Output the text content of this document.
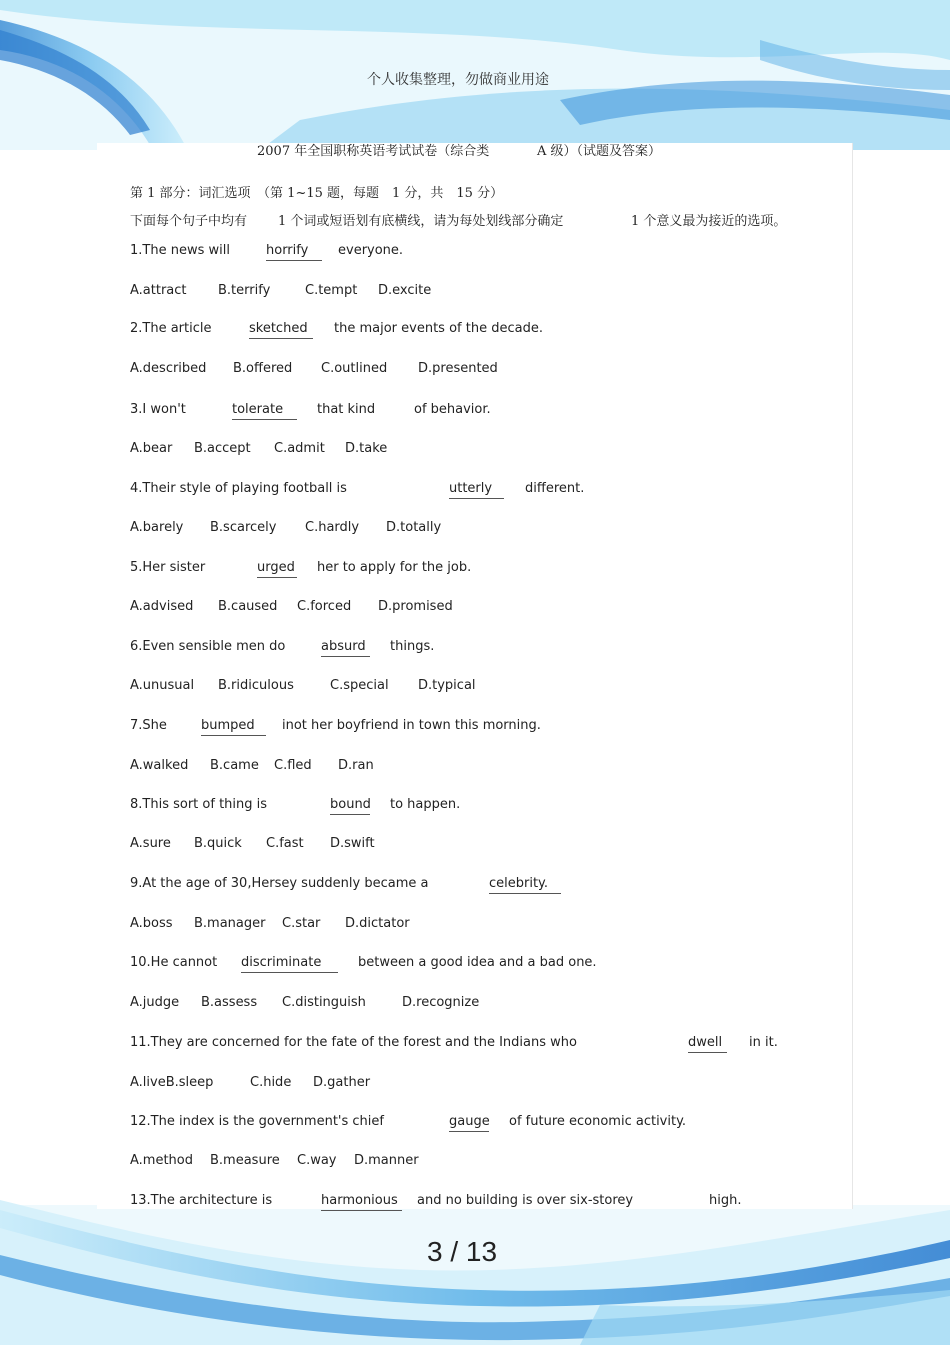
个人收集整理，勿做商业用途
2007 年全国职称英语考试试卷（综合类	A 级）（试题及答案）
第 1 部分：词汇选项　（第 1~15 题，每题　1 分，共　15 分）
下面每个句子中均有 1 个词或短语划有底横线，请为每处划线部分确定	1 个意义最为接近的选项。
1.The news will	horrify	everyone.
A.attract B.terrify	C.tempt D.excite
2.The article	sketched	the major events of the decade.
A.described B.offered C.outlined D.presented
3.I won't	tolerate	that kind	of behavior.
A.bear B.accept C.admit D.take
4.Their style of playing football is	utterly	different.
A.barely B.scarcely C.hardly D.totally
5.Her sister	urged her to apply for the job.
A.advised B.caused C.forced D.promised
6.Even sensible men do	absurd	things.
A.unusual B.ridiculous	C.special D.typical
7.She	bumped	inot her boyfriend in town this morning.
A.walked B.came C.fled D.ran
8.This sort of thing is	bound to happen.
A.sure B.quick C.fast D.swift
9.At the age of 30,Hersey suddenly became a	celebrity.
A.boss B.manager C.star D.dictator
10.He cannot discriminate	between a good idea and a bad one.
A.judge B.assess C.distinguish	D.recognize
11.They are concerned for the fate of the forest and the Indians who	dwell	in it.
A.liveB.sleep	C.hide D.gather
12.The index is the government's chief	gauge of future economic activity.
A.method B.measure C.way D.manner
13.The architecture is	harmonious	and no building is over six-storey	high.
3 / 13
